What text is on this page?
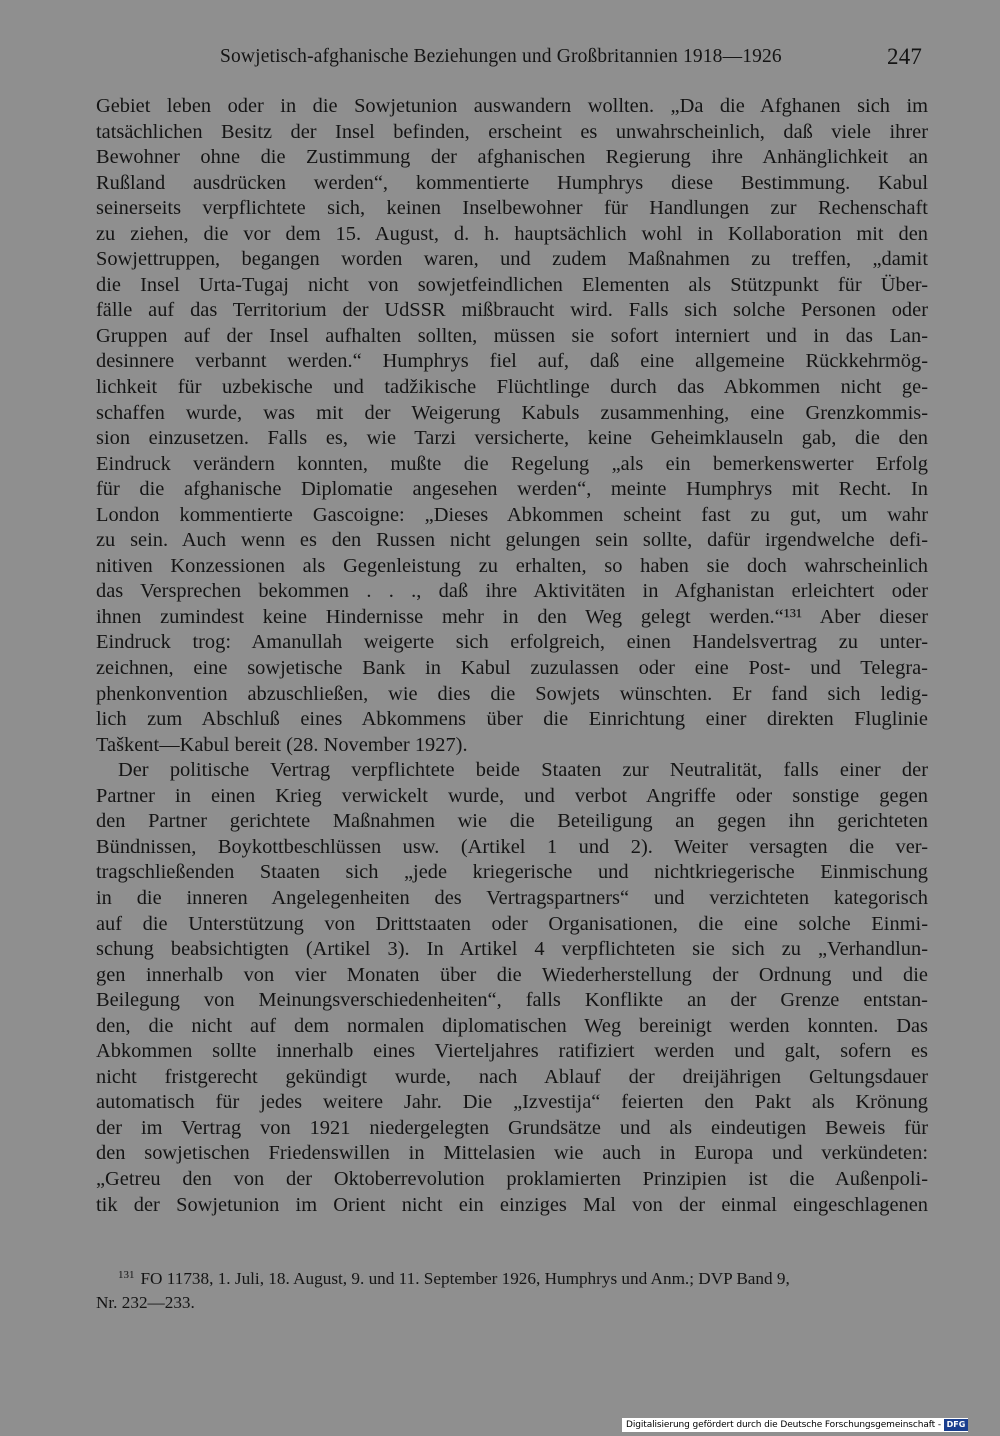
Sowjetisch-afghanische Beziehungen und Großbritannien 1918—1926	247
Gebiet leben oder in die Sowjetunion auswandern wollten. „Da die Afghanen sich im
tatsächlichen Besitz der Insel befinden, erscheint es unwahrscheinlich, daß viele ihrer
Bewohner ohne die Zustimmung der afghanischen Regierung ihre Anhänglichkeit an
Rußland ausdrücken werden“, kommentierte Humphrys diese Bestimmung. Kabul
seinerseits verpflichtete sich, keinen Inselbewohner für Handlungen zur Rechenschaft
zu ziehen, die vor dem 15. August, d. h. hauptsächlich wohl in Kollaboration mit den
Sowjettruppen, begangen worden waren, und zudem Maßnahmen zu treffen, „damit
die Insel Urta-Tugaj nicht von sowjetfeindlichen Elementen als Stützpunkt für Über-
fälle auf das Territorium der UdSSR mißbraucht wird. Falls sich solche Personen oder
Gruppen auf der Insel aufhalten sollten, müssen sie sofort interniert und in das Lan-
desinnere verbannt werden.“ Humphrys fiel auf, daß eine allgemeine Rückkehrmög-
lichkeit für uzbekische und tadžikische Flüchtlinge durch das Abkommen nicht ge-
schaffen wurde, was mit der Weigerung Kabuls zusammenhing, eine Grenzkommis-
sion einzusetzen. Falls es, wie Tarzi versicherte, keine Geheimklauseln gab, die den
Eindruck verändern konnten, mußte die Regelung „als ein bemerkenswerter Erfolg
für die afghanische Diplomatie angesehen werden“, meinte Humphrys mit Recht. In
London kommentierte Gascoigne: „Dieses Abkommen scheint fast zu gut, um wahr
zu sein. Auch wenn es den Russen nicht gelungen sein sollte, dafür irgendwelche defi-
nitiven Konzessionen als Gegenleistung zu erhalten, so haben sie doch wahrscheinlich
das Versprechen bekommen . . ., daß ihre Aktivitäten in Afghanistan erleichtert oder
ihnen zumindest keine Hindernisse mehr in den Weg gelegt werden.“¹³¹ Aber dieser
Eindruck trog: Amanullah weigerte sich erfolgreich, einen Handelsvertrag zu unter-
zeichnen, eine sowjetische Bank in Kabul zuzulassen oder eine Post- und Telegra-
phenkonvention abzuschließen, wie dies die Sowjets wünschten. Er fand sich ledig-
lich zum Abschluß eines Abkommens über die Einrichtung einer direkten Fluglinie
Taškent—Kabul bereit (28. November 1927).
Der politische Vertrag verpflichtete beide Staaten zur Neutralität, falls einer der
Partner in einen Krieg verwickelt wurde, und verbot Angriffe oder sonstige gegen
den Partner gerichtete Maßnahmen wie die Beteiligung an gegen ihn gerichteten
Bündnissen, Boykottbeschlüssen usw. (Artikel 1 und 2). Weiter versagten die ver-
tragschließenden Staaten sich „jede kriegerische und nichtkriegerische Einmischung
in die inneren Angelegenheiten des Vertragspartners“ und verzichteten kategorisch
auf die Unterstützung von Drittstaaten oder Organisationen, die eine solche Einmi-
schung beabsichtigten (Artikel 3). In Artikel 4 verpflichteten sie sich zu „Verhandlun-
gen innerhalb von vier Monaten über die Wiederherstellung der Ordnung und die
Beilegung von Meinungsverschiedenheiten“, falls Konflikte an der Grenze entstan-
den, die nicht auf dem normalen diplomatischen Weg bereinigt werden konnten. Das
Abkommen sollte innerhalb eines Vierteljahres ratifiziert werden und galt, sofern es
nicht fristgerecht gekündigt wurde, nach Ablauf der dreijährigen Geltungsdauer
automatisch für jedes weitere Jahr. Die „Izvestija“ feierten den Pakt als Krönung
der im Vertrag von 1921 niedergelegten Grundsätze und als eindeutigen Beweis für
den sowjetischen Friedenswillen in Mittelasien wie auch in Europa und verkündeten:
„Getreu den von der Oktoberrevolution proklamierten Prinzipien ist die Außenpoli-
tik der Sowjetunion im Orient nicht ein einziges Mal von der einmal eingeschlagenen
$^{131}$ FO 11738, 1. Juli, 18. August, 9. und 11. September 1926, Humphrys und Anm.; DVP Band 9,
Nr. 232—233.
Digitalisierung gefördert durch die Deutsche Forschungsgemeinschaft - DFG
